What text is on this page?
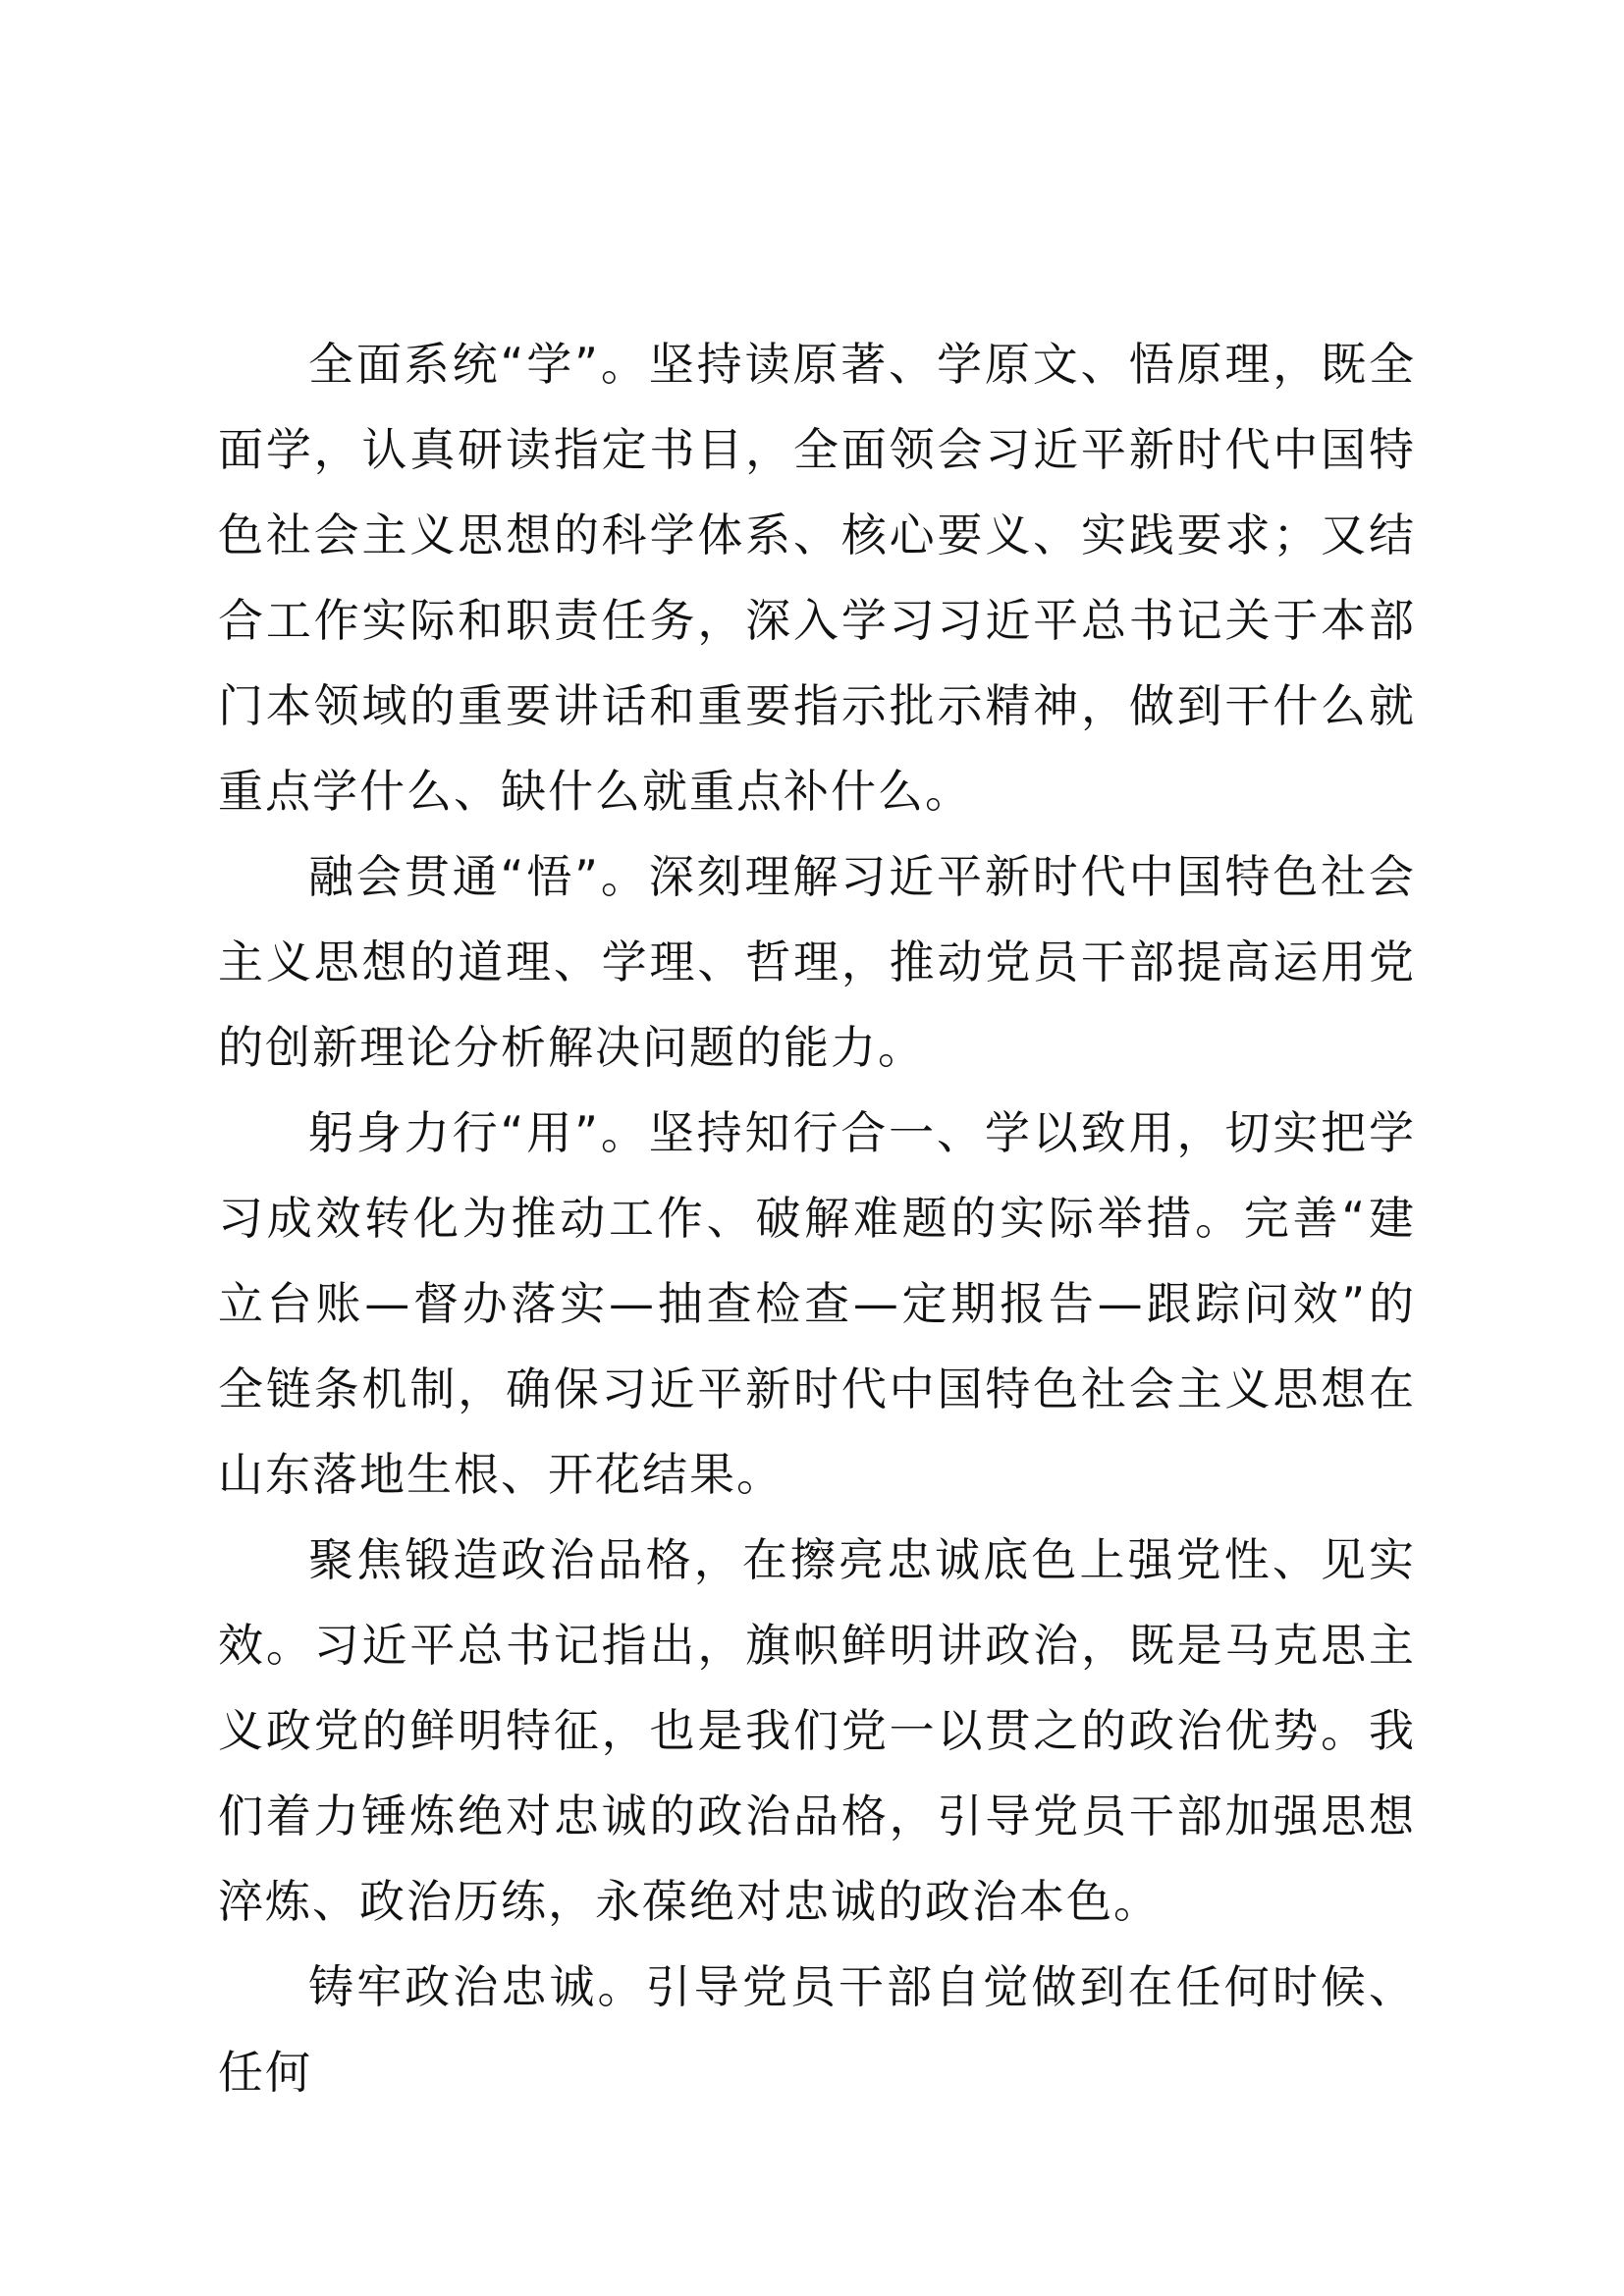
全面系统“学”。坚持读原著、学原文、悟原理，既全面学，认真研读指定书目，全面领会习近平新时代中国特色社会主义思想的科学体系、核心要义、实践要求；又结合工作实际和职责任务，深入学习习近平总书记关于本部门本领域的重要讲话和重要指示批示精神，做到干什么就重点学什么、缺什么就重点补什么。

融会贯通“悟”。深刻理解习近平新时代中国特色社会主义思想的道理、学理、哲理，推动党员干部提高运用党的创新理论分析解决问题的能力。

躬身力行“用”。坚持知行合一、学以致用，切实把学习成效转化为推动工作、破解难题的实际举措。完善“建立台账—督办落实—抽查检查—定期报告—跟踪问效”的全链条机制，确保习近平新时代中国特色社会主义思想在山东落地生根、开花结果。

聚焦锻造政治品格，在擦亮忠诚底色上强党性、见实效。习近平总书记指出，旗帜鲜明讲政治，既是马克思主义政党的鲜明特征，也是我们党一以贯之的政治优势。我们着力锤炼绝对忠诚的政治品格，引导党员干部加强思想淬炼、政治历练，永葆绝对忠诚的政治本色。

铸牢政治忠诚。引导党员干部自觉做到在任何时候、任何
